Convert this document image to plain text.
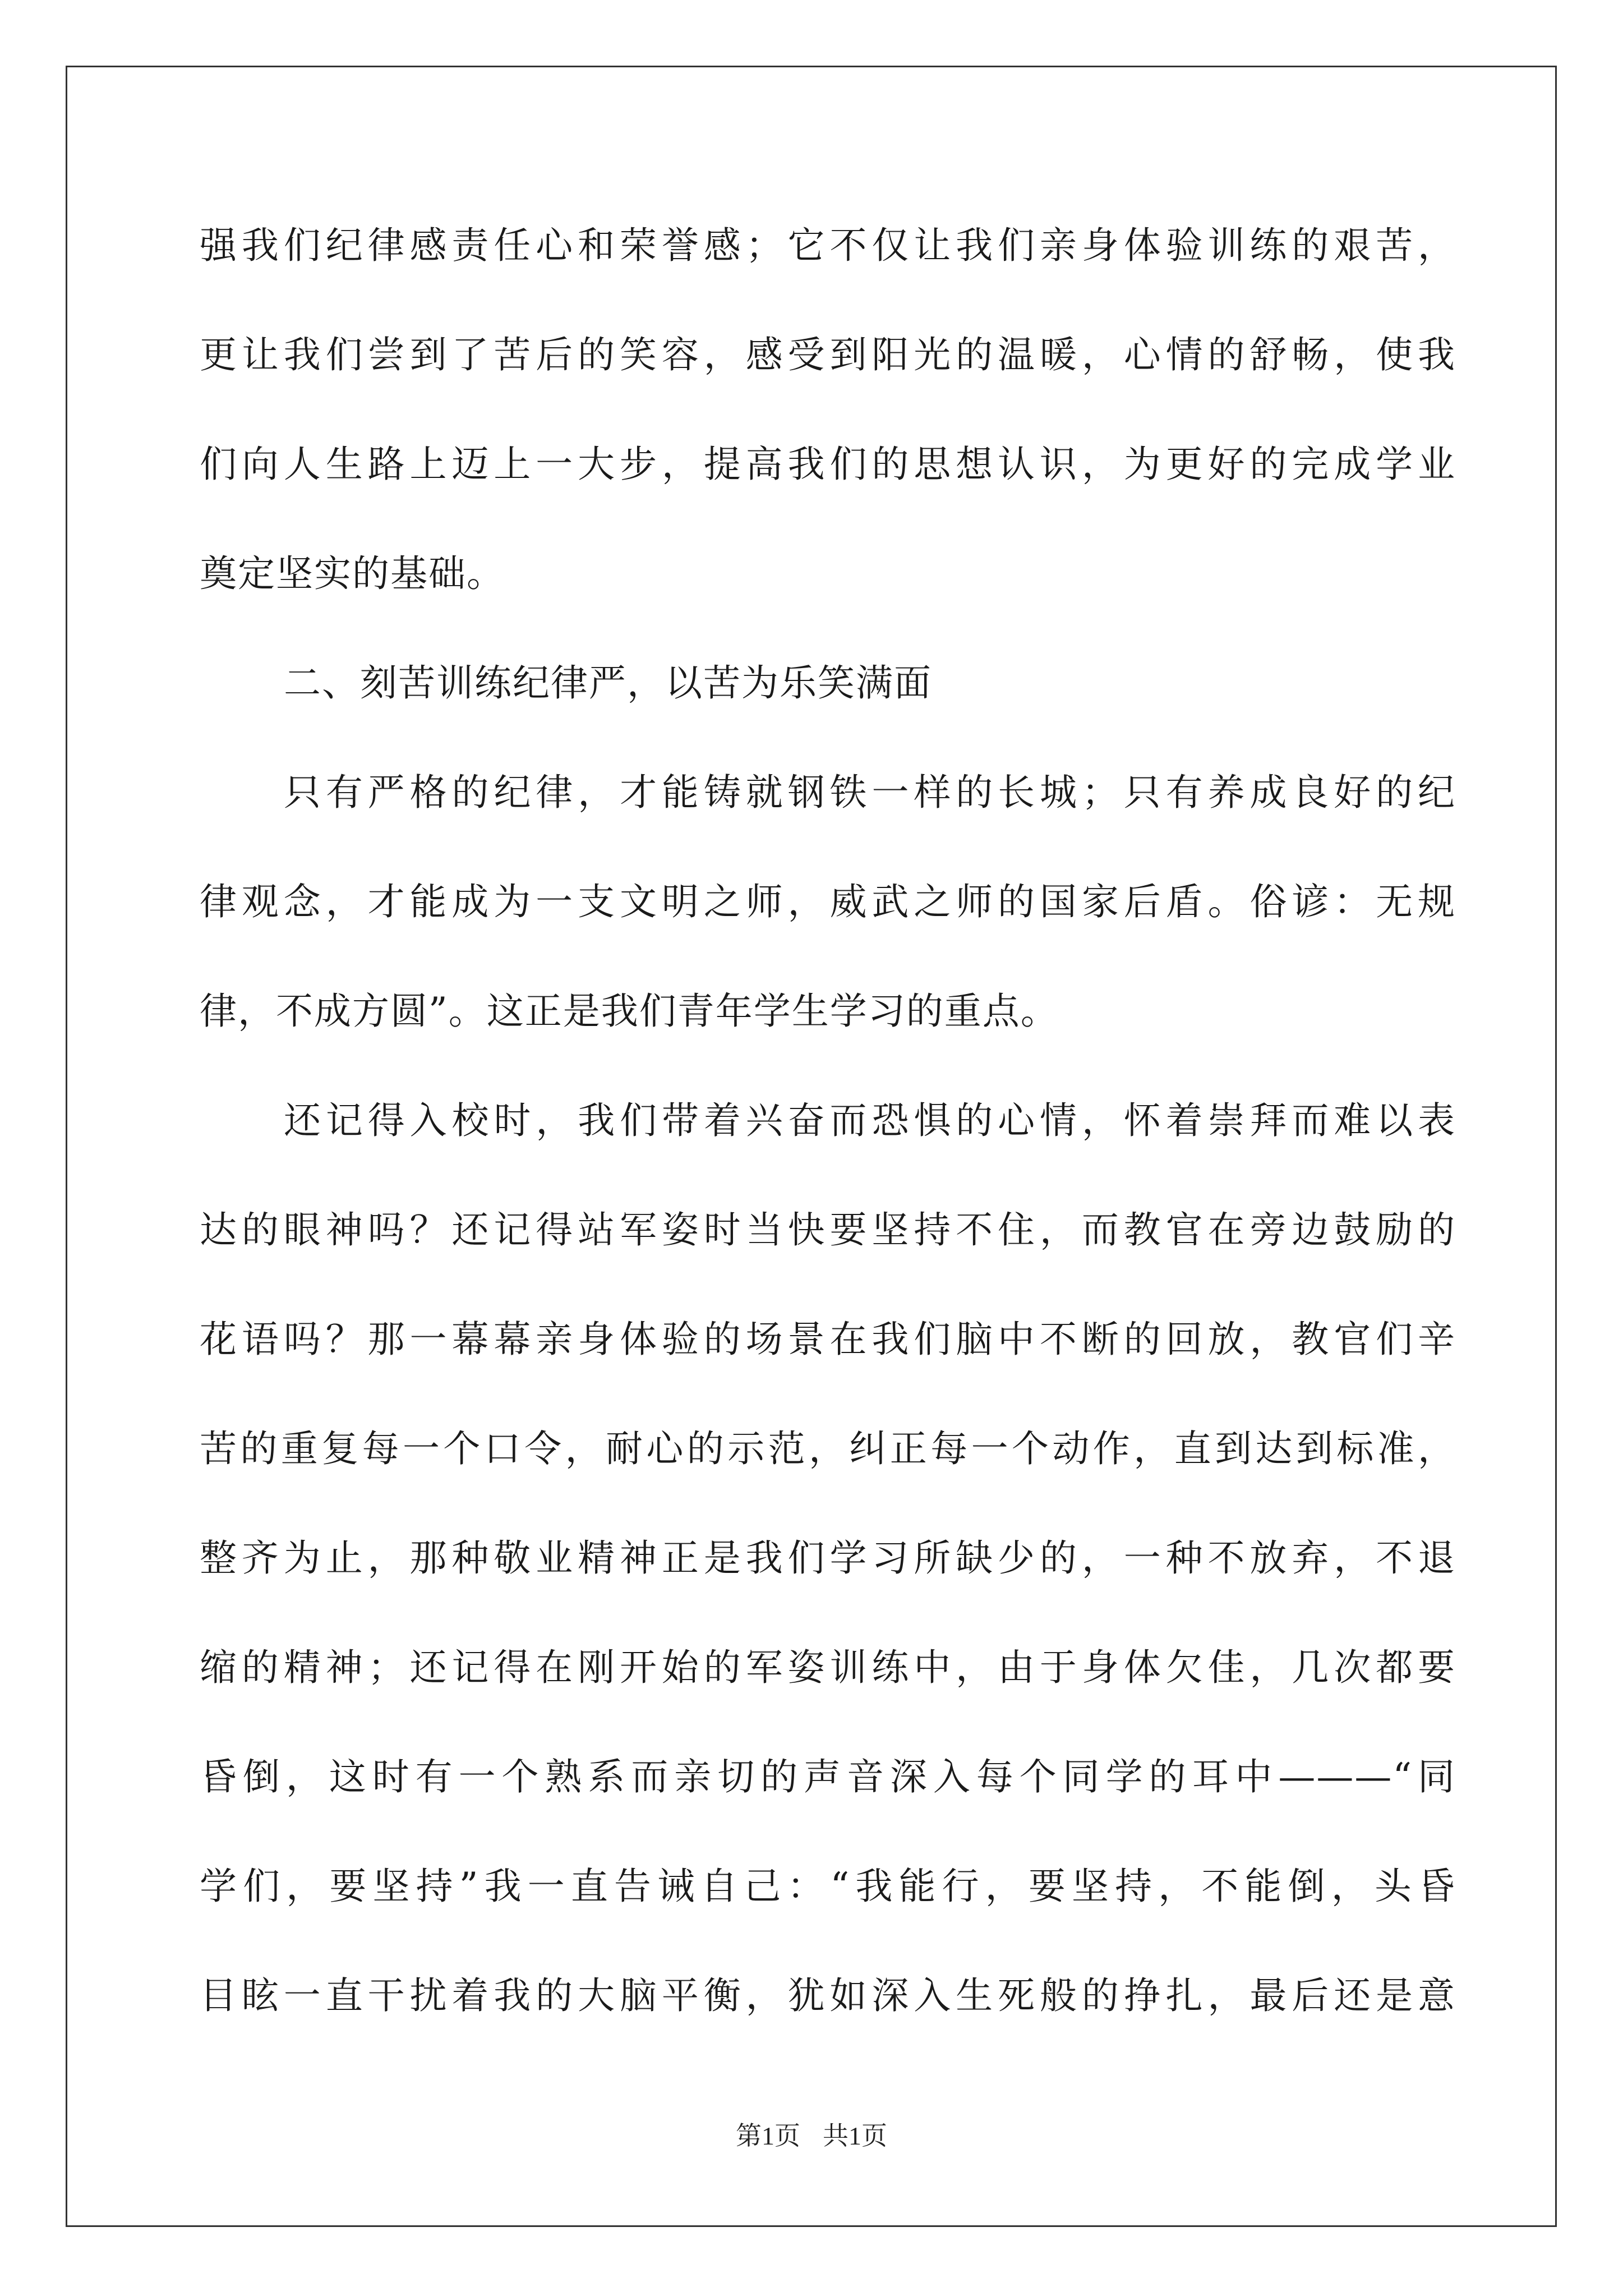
强我们纪律感责任心和荣誉感；它不仅让我们亲身体验训练的艰苦，
更让我们尝到了苦后的笑容，感受到阳光的温暖，心情的舒畅，使我
们向人生路上迈上一大步，提高我们的思想认识，为更好的完成学业
奠定坚实的基础。
二、刻苦训练纪律严，以苦为乐笑满面
只有严格的纪律，才能铸就钢铁一样的长城；只有养成良好的纪
律观念，才能成为一支文明之师，威武之师的国家后盾。俗谚：无规
律，不成方圆”。这正是我们青年学生学习的重点。
还记得入校时，我们带着兴奋而恐惧的心情，怀着崇拜而难以表
达的眼神吗？还记得站军姿时当快要坚持不住，而教官在旁边鼓励的
花语吗？那一幕幕亲身体验的场景在我们脑中不断的回放，教官们辛
苦的重复每一个口令，耐心的示范，纠正每一个动作，直到达到标准，
整齐为止，那种敬业精神正是我们学习所缺少的，一种不放弃，不退
缩的精神；还记得在刚开始的军姿训练中，由于身体欠佳，几次都要
昏倒，这时有一个熟系而亲切的声音深入每个同学的耳中———“同
学们，要坚持”我一直告诫自己：“我能行，要坚持，不能倒，头昏
目眩一直干扰着我的大脑平衡，犹如深入生死般的挣扎，最后还是意
第1页 共1页
